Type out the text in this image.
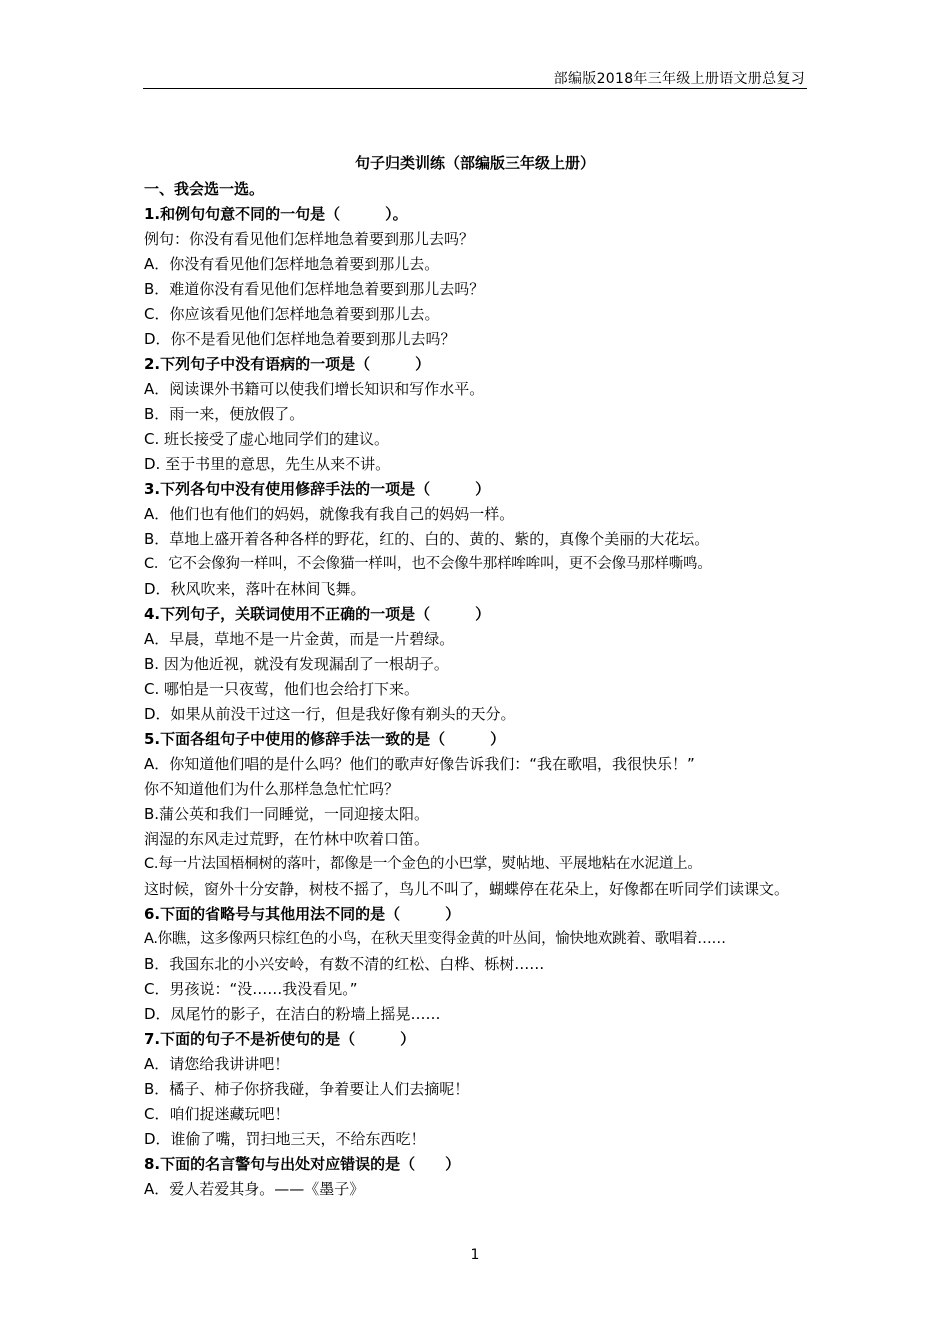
部编版2018年三年级上册语文册总复习
句子归类训练（部编版三年级上册）
一、我会选一选。
1.和例句句意不同的一句是（　　　）。
例句：你没有看见他们怎样地急着要到那儿去吗？
A．你没有看见他们怎样地急着要到那儿去。
B．难道你没有看见他们怎样地急着要到那儿去吗？
C．你应该看见他们怎样地急着要到那儿去。
D．你不是看见他们怎样地急着要到那儿去吗？
2.下列句子中没有语病的一项是（　　　）
A．阅读课外书籍可以使我们增长知识和写作水平。
B．雨一来，便放假了。
C. 班长接受了虚心地同学们的建议。
D. 至于书里的意思，先生从来不讲。
3.下列各句中没有使用修辞手法的一项是（　　　）
A．他们也有他们的妈妈，就像我有我自己的妈妈一样。
B．草地上盛开着各种各样的野花，红的、白的、黄的、紫的，真像个美丽的大花坛。
C．它不会像狗一样叫，不会像猫一样叫，也不会像牛那样哞哞叫，更不会像马那样嘶鸣。
D．秋风吹来，落叶在林间飞舞。
4.下列句子，关联词使用不正确的一项是（　　　）
A．早晨，草地不是一片金黄，而是一片碧绿。
B. 因为他近视，就没有发现漏刮了一根胡子。
C. 哪怕是一只夜莺，他们也会给打下来。
D．如果从前没干过这一行，但是我好像有剃头的天分。
5.下面各组句子中使用的修辞手法一致的是（　　　）
A．你知道他们唱的是什么吗？他们的歌声好像告诉我们：“我在歌唱，我很快乐！”
你不知道他们为什么那样急急忙忙吗？
B.蒲公英和我们一同睡觉，一同迎接太阳。
润湿的东风走过荒野，在竹林中吹着口笛。
C.每一片法国梧桐树的落叶，都像是一个金色的小巴掌，熨帖地、平展地粘在水泥道上。
这时候，窗外十分安静，树枝不摇了，鸟儿不叫了，蝴蝶停在花朵上，好像都在听同学们读课文。
6.下面的省略号与其他用法不同的是（　　　）
A.你瞧，这多像两只棕红色的小鸟，在秋天里变得金黄的叶丛间，愉快地欢跳着、歌唱着……
B．我国东北的小兴安岭，有数不清的红松、白桦、栎树……
C．男孩说：“没……我没看见。”
D．凤尾竹的影子，在洁白的粉墙上摇晃……
7.下面的句子不是祈使句的是（　　　）
A．请您给我讲讲吧！
B．橘子、柿子你挤我碰，争着要让人们去摘呢！
C．咱们捉迷藏玩吧！
D．谁偷了嘴，罚扫地三天，不给东西吃！
8.下面的名言警句与出处对应错误的是（　　）
A．爱人若爱其身。——《墨子》
1
